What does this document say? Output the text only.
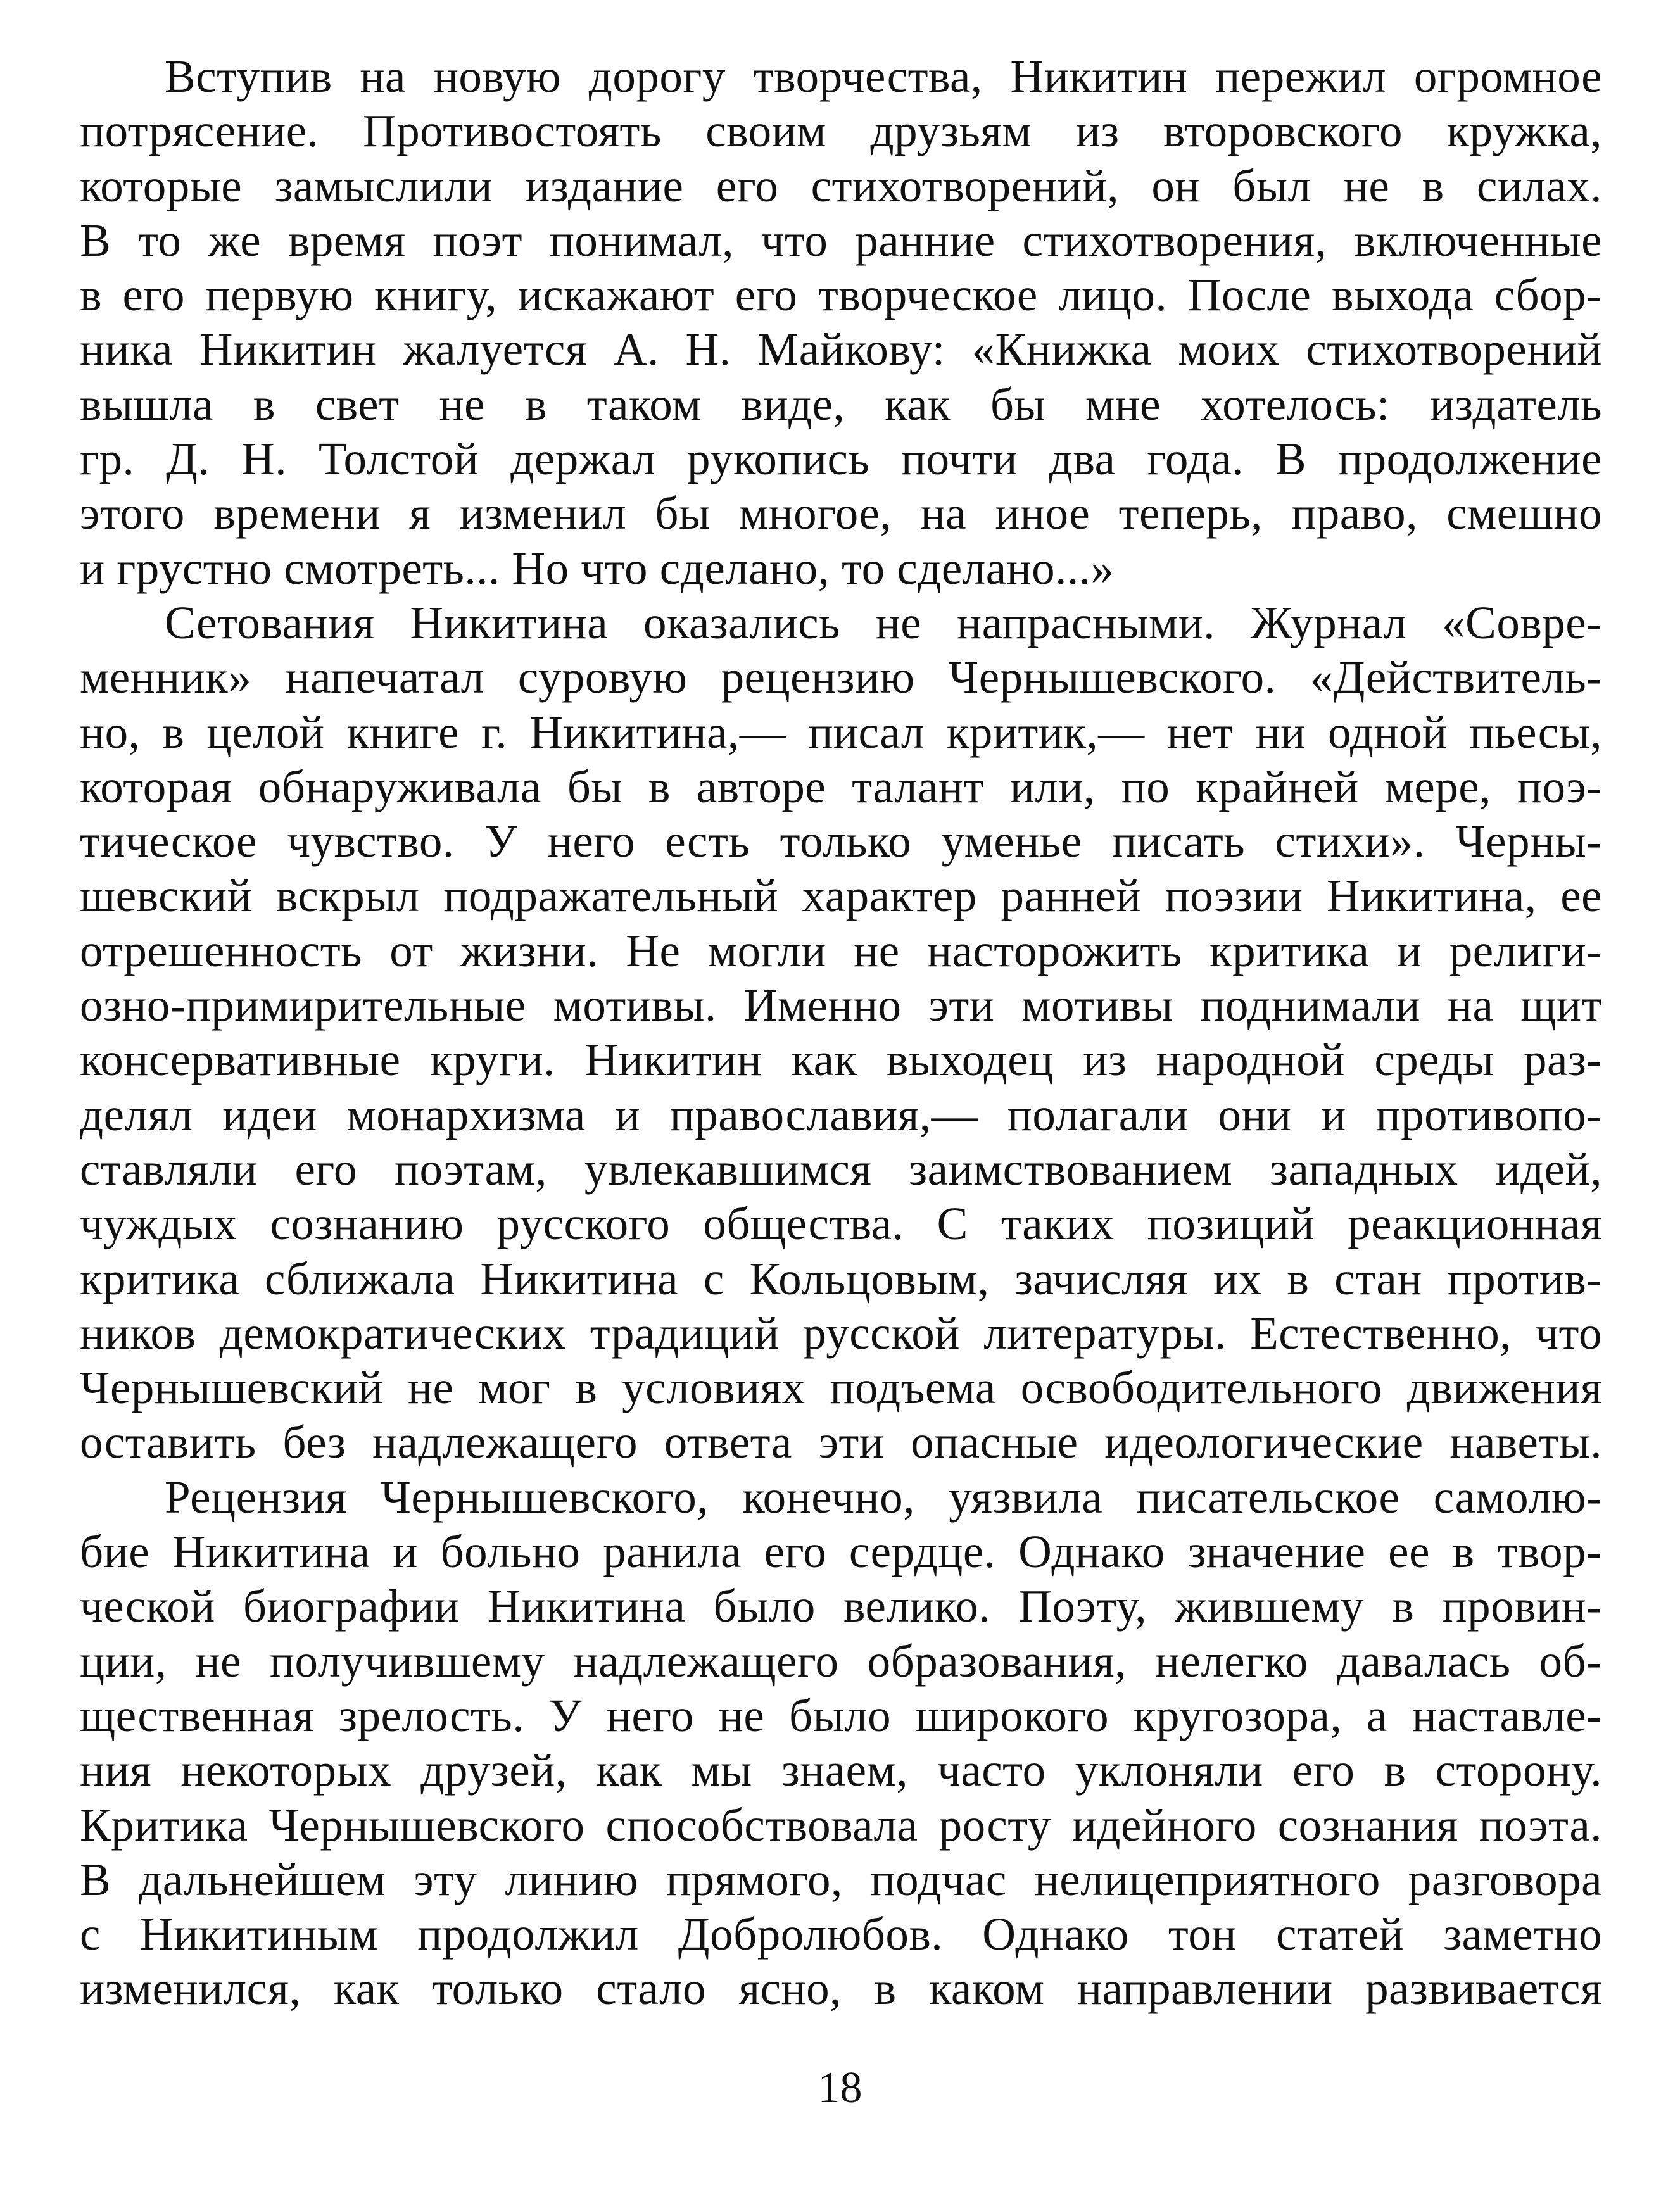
Вступив на новую дорогу творчества, Никитин пережил огромное
потрясение. Противостоять своим друзьям из второвского кружка,
которые замыслили издание его стихотворений, он был не в силах.
В то же время поэт понимал, что ранние стихотворения, включенные
в его первую книгу, искажают его творческое лицо. После выхода сбор-
ника Никитин жалуется А. Н. Майкову: «Книжка моих стихотворений
вышла в свет не в таком виде, как бы мне хотелось: издатель
гр. Д. Н. Толстой держал рукопись почти два года. В продолжение
этого времени я изменил бы многое, на иное теперь, право, смешно
и грустно смотреть... Но что сделано, то сделано...»
Сетования Никитина оказались не напрасными. Журнал «Совре-
менник» напечатал суровую рецензию Чернышевского. «Действитель-
но, в целой книге г. Никитина,— писал критик,— нет ни одной пьесы,
которая обнаруживала бы в авторе талант или, по крайней мере, поэ-
тическое чувство. У него есть только уменье писать стихи». Черны-
шевский вскрыл подражательный характер ранней поэзии Никитина, ее
отрешенность от жизни. Не могли не насторожить критика и религи-
озно-примирительные мотивы. Именно эти мотивы поднимали на щит
консервативные круги. Никитин как выходец из народной среды раз-
делял идеи монархизма и православия,— полагали они и противопо-
ставляли его поэтам, увлекавшимся заимствованием западных идей,
чуждых сознанию русского общества. С таких позиций реакционная
критика сближала Никитина с Кольцовым, зачисляя их в стан против-
ников демократических традиций русской литературы. Естественно, что
Чернышевский не мог в условиях подъема освободительного движения
оставить без надлежащего ответа эти опасные идеологические наветы.
Рецензия Чернышевского, конечно, уязвила писательское самолю-
бие Никитина и больно ранила его сердце. Однако значение ее в твор-
ческой биографии Никитина было велико. Поэту, жившему в провин-
ции, не получившему надлежащего образования, нелегко давалась об-
щественная зрелость. У него не было широкого кругозора, а наставле-
ния некоторых друзей, как мы знаем, часто уклоняли его в сторону.
Критика Чернышевского способствовала росту идейного сознания поэта.
В дальнейшем эту линию прямого, подчас нелицеприятного разговора
с Никитиным продолжил Добролюбов. Однако тон статей заметно
изменился, как только стало ясно, в каком направлении развивается
18
